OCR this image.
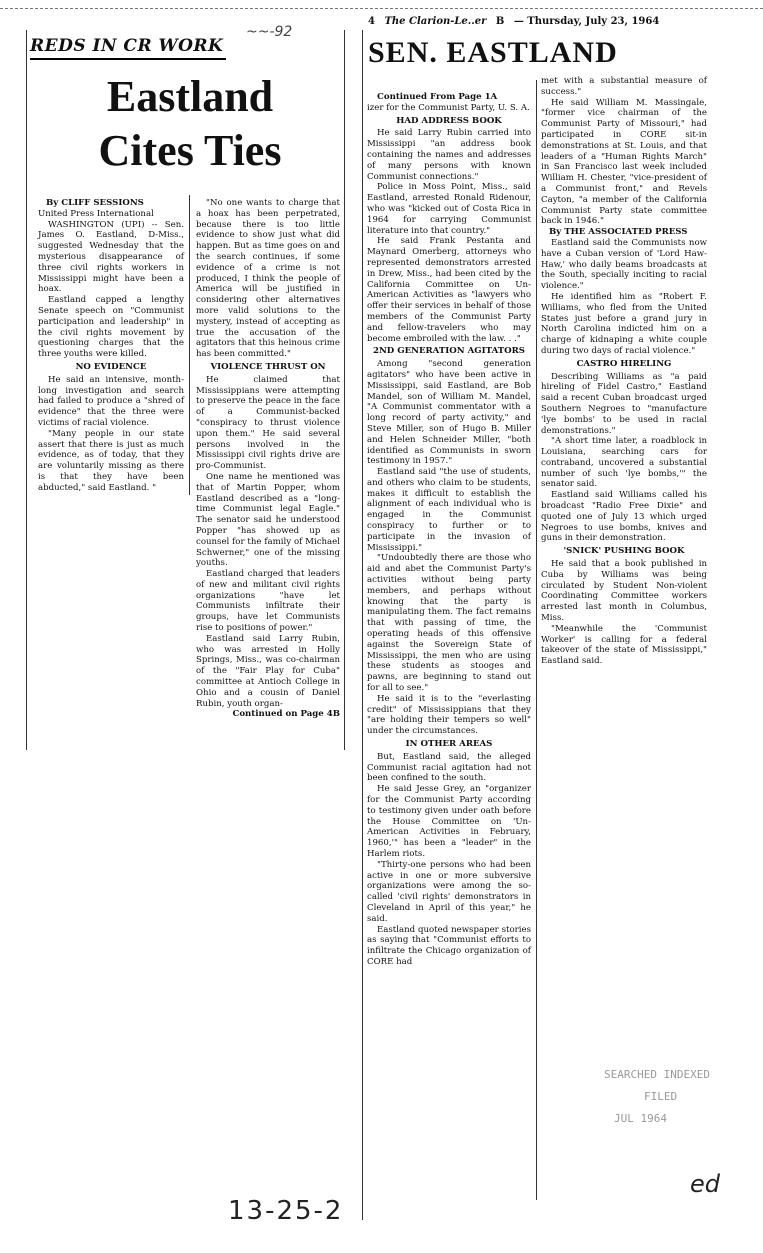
~~-92
REDS IN CR WORK
Eastland
Cites Ties

By CLIFF SESSIONS

United Press International

WASHINGTON (UPI) -- Sen. James O. Eastland, D-Miss., suggested Wednesday that the mysterious disappearance of three civil rights workers in Mississippi might have been a hoax.

Eastland capped a lengthy Senate speech on "Communist participation and leadership" in the civil rights movement by questioning charges that the three youths were killed.

NO EVIDENCE

He said an intensive, month-long investigation and search had failed to produce a "shred of evidence" that the three were victims of racial violence.

"Many people in our state assert that there is just as much evidence, as of today, that they are voluntarily missing as there is that they have been abducted," said Eastland. "

"No one wants to charge that a hoax has been perpetrated, because there is too little evidence to show just what did happen. But as time goes on and the search continues, if some evidence of a crime is not produced, I think the people of America will be justified in considering other alternatives more valid solutions to the mystery, instead of accepting as true the accusation of the agitators that this heinous crime has been committed."

VIOLENCE THRUST ON

He claimed that Mississippians were attempting to preserve the peace in the face of a Communist-backed "conspiracy to thrust violence upon them." He said several persons involved in the Mississippi civil rights drive are pro-Communist.

One name he mentioned was that of Martin Popper, whom Eastland described as a "long-time Communist legal Eagle." The senator said he understood Popper "has showed up as counsel for the family of Michael Schwerner," one of the missing youths.

Eastland charged that leaders of new and militant civil rights organizations "have let Communists infiltrate their groups, have let Communists rise to positions of power."

Eastland said Larry Rubin, who was arrested in Holly Springs, Miss., was co-chairman of the "Fair Play for Cuba" committee at Antioch College in Ohio and a cousin of Daniel Rubin, youth organ-

Continued on Page 4B

4 The Clarion-Le..er B — Thursday, July 23, 1964
SEN. EASTLAND

Continued From Page 1A

izer for the Communist Party, U. S. A.

HAD ADDRESS BOOK

He said Larry Rubin carried into Mississippi "an address book containing the names and addresses of many persons with known Communist connections."

Police in Moss Point, Miss., said Eastland, arrested Ronald Ridenour, who was "kicked out of Costa Rica in 1964 for carrying Communist literature into that country."

He said Frank Pestanta and Maynard Omerberg, attorneys who represented demonstrators arrested in Drew, Miss., had been cited by the California Committee on Un-American Activities as "lawyers who offer their services in behalf of those members of the Communist Party and fellow-travelers who may become embroiled with the law. . ."

2ND GENERATION AGITATORS

Among "second generation agitators" who have been active in Mississippi, said Eastland, are Bob Mandel, son of William M. Mandel, "A Communist commentator with a long record of party activity," and Steve Miller, son of Hugo B. Miller and Helen Schneider Miller, "both identified as Communists in sworn testimony in 1957."

Eastland said "the use of students, and others who claim to be students, makes it difficult to establish the alignment of each individual who is engaged in the Communist conspiracy to further or to participate in the invasion of Mississippi."

"Undoubtedly there are those who aid and abet the Communist Party's activities without being party members, and perhaps without knowing that the party is manipulating them. The fact remains that with passing of time, the operating heads of this offensive against the Sovereign State of Mississippi, the men who are using these students as stooges and pawns, are beginning to stand out for all to see."

He said it is to the "everlasting credit" of Mississippians that they "are holding their tempers so well" under the circumstances.

IN OTHER AREAS

But, Eastland said, the alleged Communist racial agitation had not been confined to the south.

He said Jesse Grey, an "organizer for the Communist Party according to testimony given under oath before the House Committee on 'Un-American Activities in February, 1960,'" has been a "leader" in the Harlem riots.

"Thirty-one persons who had been active in one or more subversive organizations were among the so-called 'civil rights' demonstrators in Cleveland in April of this year," he said.

Eastland quoted newspaper stories as saying that "Communist efforts to infiltrate the Chicago organization of CORE had

met with a substantial measure of success."

He said William M. Massingale, "former vice chairman of the Communist Party of Missouri," had participated in CORE sit-in demonstrations at St. Louis, and that leaders of a "Human Rights March" in San Francisco last week included William H. Chester, "vice-president of a Communist front," and Revels Cayton, "a member of the California Communist Party state committee back in 1946."

By THE ASSOCIATED PRESS

Eastland said the Communists now have a Cuban version of 'Lord Haw-Haw,' who daily beams broadcasts at the South, specially inciting to racial violence."

He identified him as "Robert F. Williams, who fled from the United States just before a grand jury in North Carolina indicted him on a charge of kidnaping a white couple during two days of racial violence."

CASTRO HIRELING

Describing Williams as "a paid hireling of Fidel Castro," Eastland said a recent Cuban broadcast urged Southern Negroes to "manufacture 'lye bombs' to be used in racial demonstrations."

"A short time later, a roadblock in Louisiana, searching cars for contraband, uncovered a substantial number of such 'lye bombs,'" the senator said.

Eastland said Williams called his broadcast "Radio Free Dixie" and quoted one of July 13 which urged Negroes to use bombs, knives and guns in their demonstration.

'SNICK' PUSHING BOOK

He said that a book published in Cuba by Williams was being circulated by Student Non-violent Coordinating Committee workers arrested last month in Columbus, Miss.

"Meanwhile the 'Communist Worker' is calling for a federal takeover of the state of Mississippi," Eastland said.

SEARCHED INDEXED
FILED
JUL 1964
13-25-2
ed
